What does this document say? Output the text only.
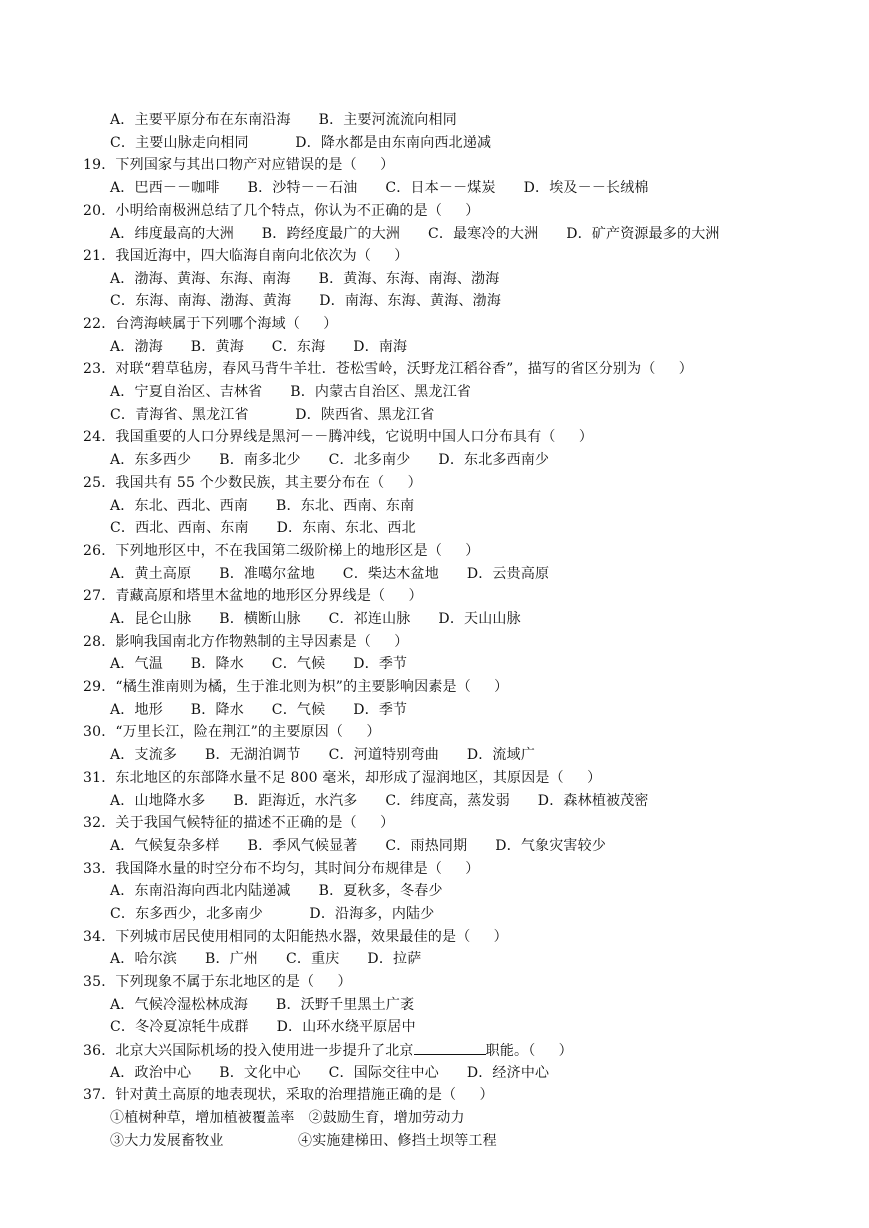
A．主要平原分布在东南沿海      B．主要河流流向相同
C．主要山脉走向相同          D．降水都是由东南向西北递减
19．下列国家与其出口物产对应错误的是（     ）
A．巴西－－咖啡      B．沙特－－石油      C．日本－－煤炭      D．埃及－－长绒棉
20．小明给南极洲总结了几个特点，你认为不正确的是（     ）
A．纬度最高的大洲      B．跨经度最广的大洲      C．最寒冷的大洲      D．矿产资源最多的大洲
21．我国近海中，四大临海自南向北依次为（     ）
A．渤海、黄海、东海、南海      B．黄海、东海、南海、渤海
C．东海、南海、渤海、黄海      D．南海、东海、黄海、渤海
22．台湾海峡属于下列哪个海域（     ）
A．渤海      B．黄海      C．东海      D．南海
23．对联“碧草毡房，春风马背牛羊壮．苍松雪岭，沃野龙江稻谷香”，描写的省区分别为（     ）
A．宁夏自治区、吉林省      B．内蒙古自治区、黑龙江省
C．青海省、黑龙江省          D．陕西省、黑龙江省
24．我国重要的人口分界线是黑河－－腾冲线，它说明中国人口分布具有（     ）
A．东多西少      B．南多北少      C．北多南少      D．东北多西南少
25．我国共有 55 个少数民族，其主要分布在（     ）
A．东北、西北、西南      B．东北、西南、东南
C．西北、西南、东南      D．东南、东北、西北
26．下列地形区中，不在我国第二级阶梯上的地形区是（     ）
A．黄土高原      B．准噶尔盆地      C．柴达木盆地      D．云贵高原
27．青藏高原和塔里木盆地的地形区分界线是（     ）
A．昆仑山脉      B．横断山脉      C．祁连山脉      D．天山山脉
28．影响我国南北方作物熟制的主导因素是（     ）
A．气温      B．降水      C．气候      D．季节
29．“橘生淮南则为橘，生于淮北则为枳”的主要影响因素是（     ）
A．地形      B．降水      C．气候      D．季节
30．“万里长江，险在荆江”的主要原因（     ）
A．支流多      B．无湖泊调节      C．河道特别弯曲      D．流域广
31．东北地区的东部降水量不足 800 毫米，却形成了湿润地区，其原因是（     ）
A．山地降水多      B．距海近，水汽多      C．纬度高，蒸发弱      D．森林植被茂密
32．关于我国气候特征的描述不正确的是（     ）
A．气候复杂多样      B．季风气候显著      C．雨热同期      D．气象灾害较少
33．我国降水量的时空分布不均匀，其时间分布规律是（     ）
A．东南沿海向西北内陆递减      B．夏秋多，冬春少
C．东多西少，北多南少          D．沿海多，内陆少
34．下列城市居民使用相同的太阳能热水器，效果最佳的是（     ）
A．哈尔滨      B．广州      C．重庆      D．拉萨
35．下列现象不属于东北地区的是（     ）
A．气候冷湿松林成海      B．沃野千里黑土广袤
C．冬冷夏凉牦牛成群      D．山环水绕平原居中
36．北京大兴国际机场的投入使用进一步提升了北京	职能。（     ）
A．政治中心      B．文化中心      C．国际交往中心      D．经济中心
37．针对黄土高原的地表现状，采取的治理措施正确的是（     ）
①植树种草，增加植被覆盖率   ②鼓励生育，增加劳动力
③大力发展畜牧业                ④实施建梯田、修挡土坝等工程
